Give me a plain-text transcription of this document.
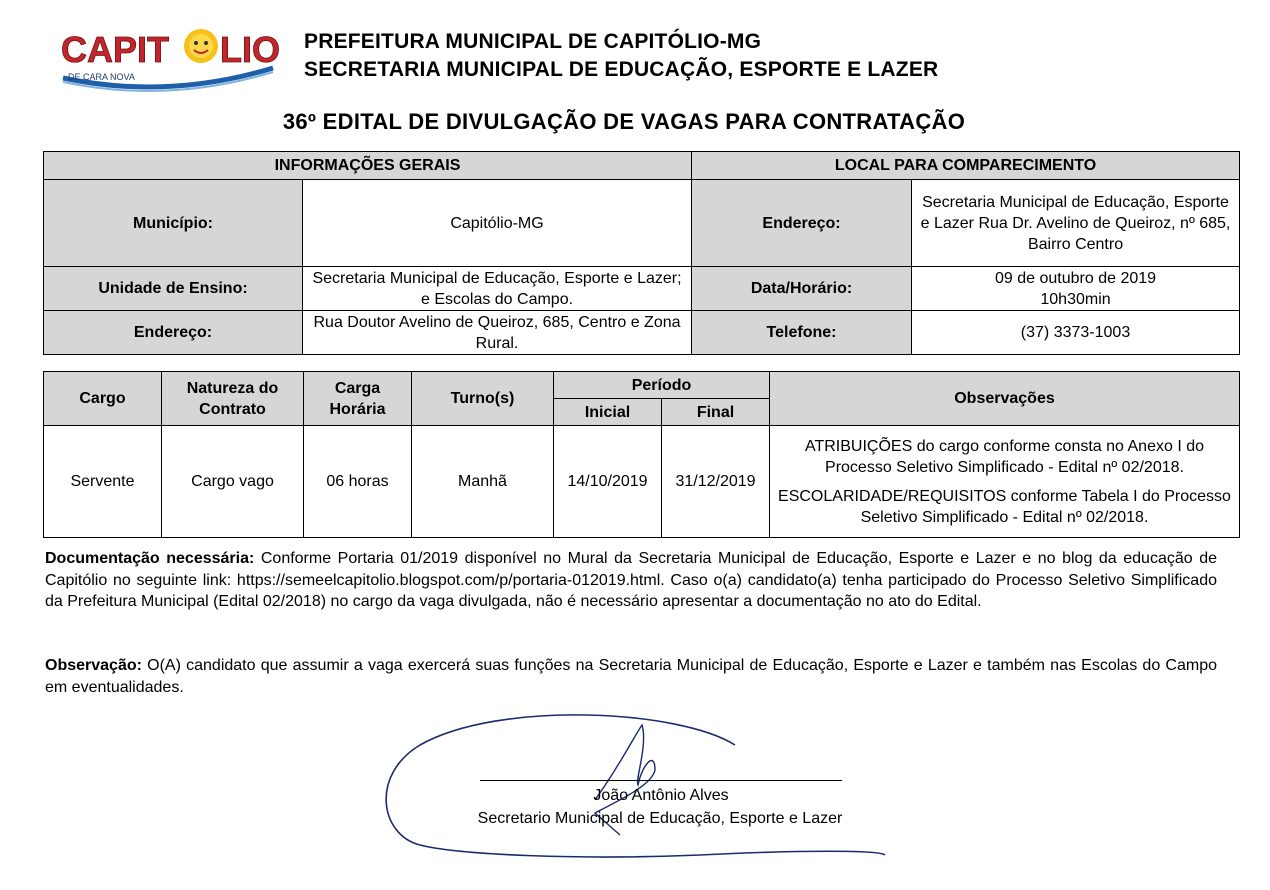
CAPIT LIO
DE CARA NOVA
PREFEITURA MUNICIPAL DE CAPITÓLIO-MG
SECRETARIA MUNICIPAL DE EDUCAÇÃO, ESPORTE E LAZER
36º EDITAL DE DIVULGAÇÃO DE VAGAS PARA CONTRATAÇÃO
INFORMAÇÕES GERAIS		LOCAL PARA COMPARECIMENTO	
Município:	Capitólio-MG	Endereço:	Secretaria Municipal de Educação, Esporte e Lazer Rua Dr. Avelino de Queiroz, nº 685, Bairro Centro
Unidade de Ensino:	Secretaria Municipal de Educação, Esporte e Lazer; e Escolas do Campo.	Data/Horário:	09 de outubro de 2019
10h30min

Endereço:	Rua Doutor Avelino de Queiroz, 685, Centro e Zona Rural.	Telefone:	(37) 3373-1003
Cargo	Natureza do Contrato	Carga Horária	Turno(s)	Período		Observações
				Inicial	Final	
Servente	Cargo vago	06 horas	Manhã	14/10/2019	31/12/2019	ATRIBUIÇÕES do cargo conforme consta no Anexo I do Processo Seletivo Simplificado - Edital nº 02/2018.
ESCOLARIDADE/REQUISITOS conforme Tabela I do Processo Seletivo Simplificado - Edital nº 02/2018.
Documentação necessária: Conforme Portaria 01/2019 disponível no Mural da Secretaria Municipal de Educação, Esporte e Lazer e no blog da educação de Capitólio no seguinte link: https://semeelcapitolio.blogspot.com/p/portaria-012019.html. Caso o(a) candidato(a) tenha participado do Processo Seletivo Simplificado da Prefeitura Municipal (Edital 02/2018) no cargo da vaga divulgada, não é necessário apresentar a documentação no ato do Edital.
Observação: O(A) candidato que assumir a vaga exercerá suas funções na Secretaria Municipal de Educação, Esporte e Lazer e também nas Escolas do Campo em eventualidades.
João Antônio Alves
Secretario Municipal de Educação, Esporte e Lazer
